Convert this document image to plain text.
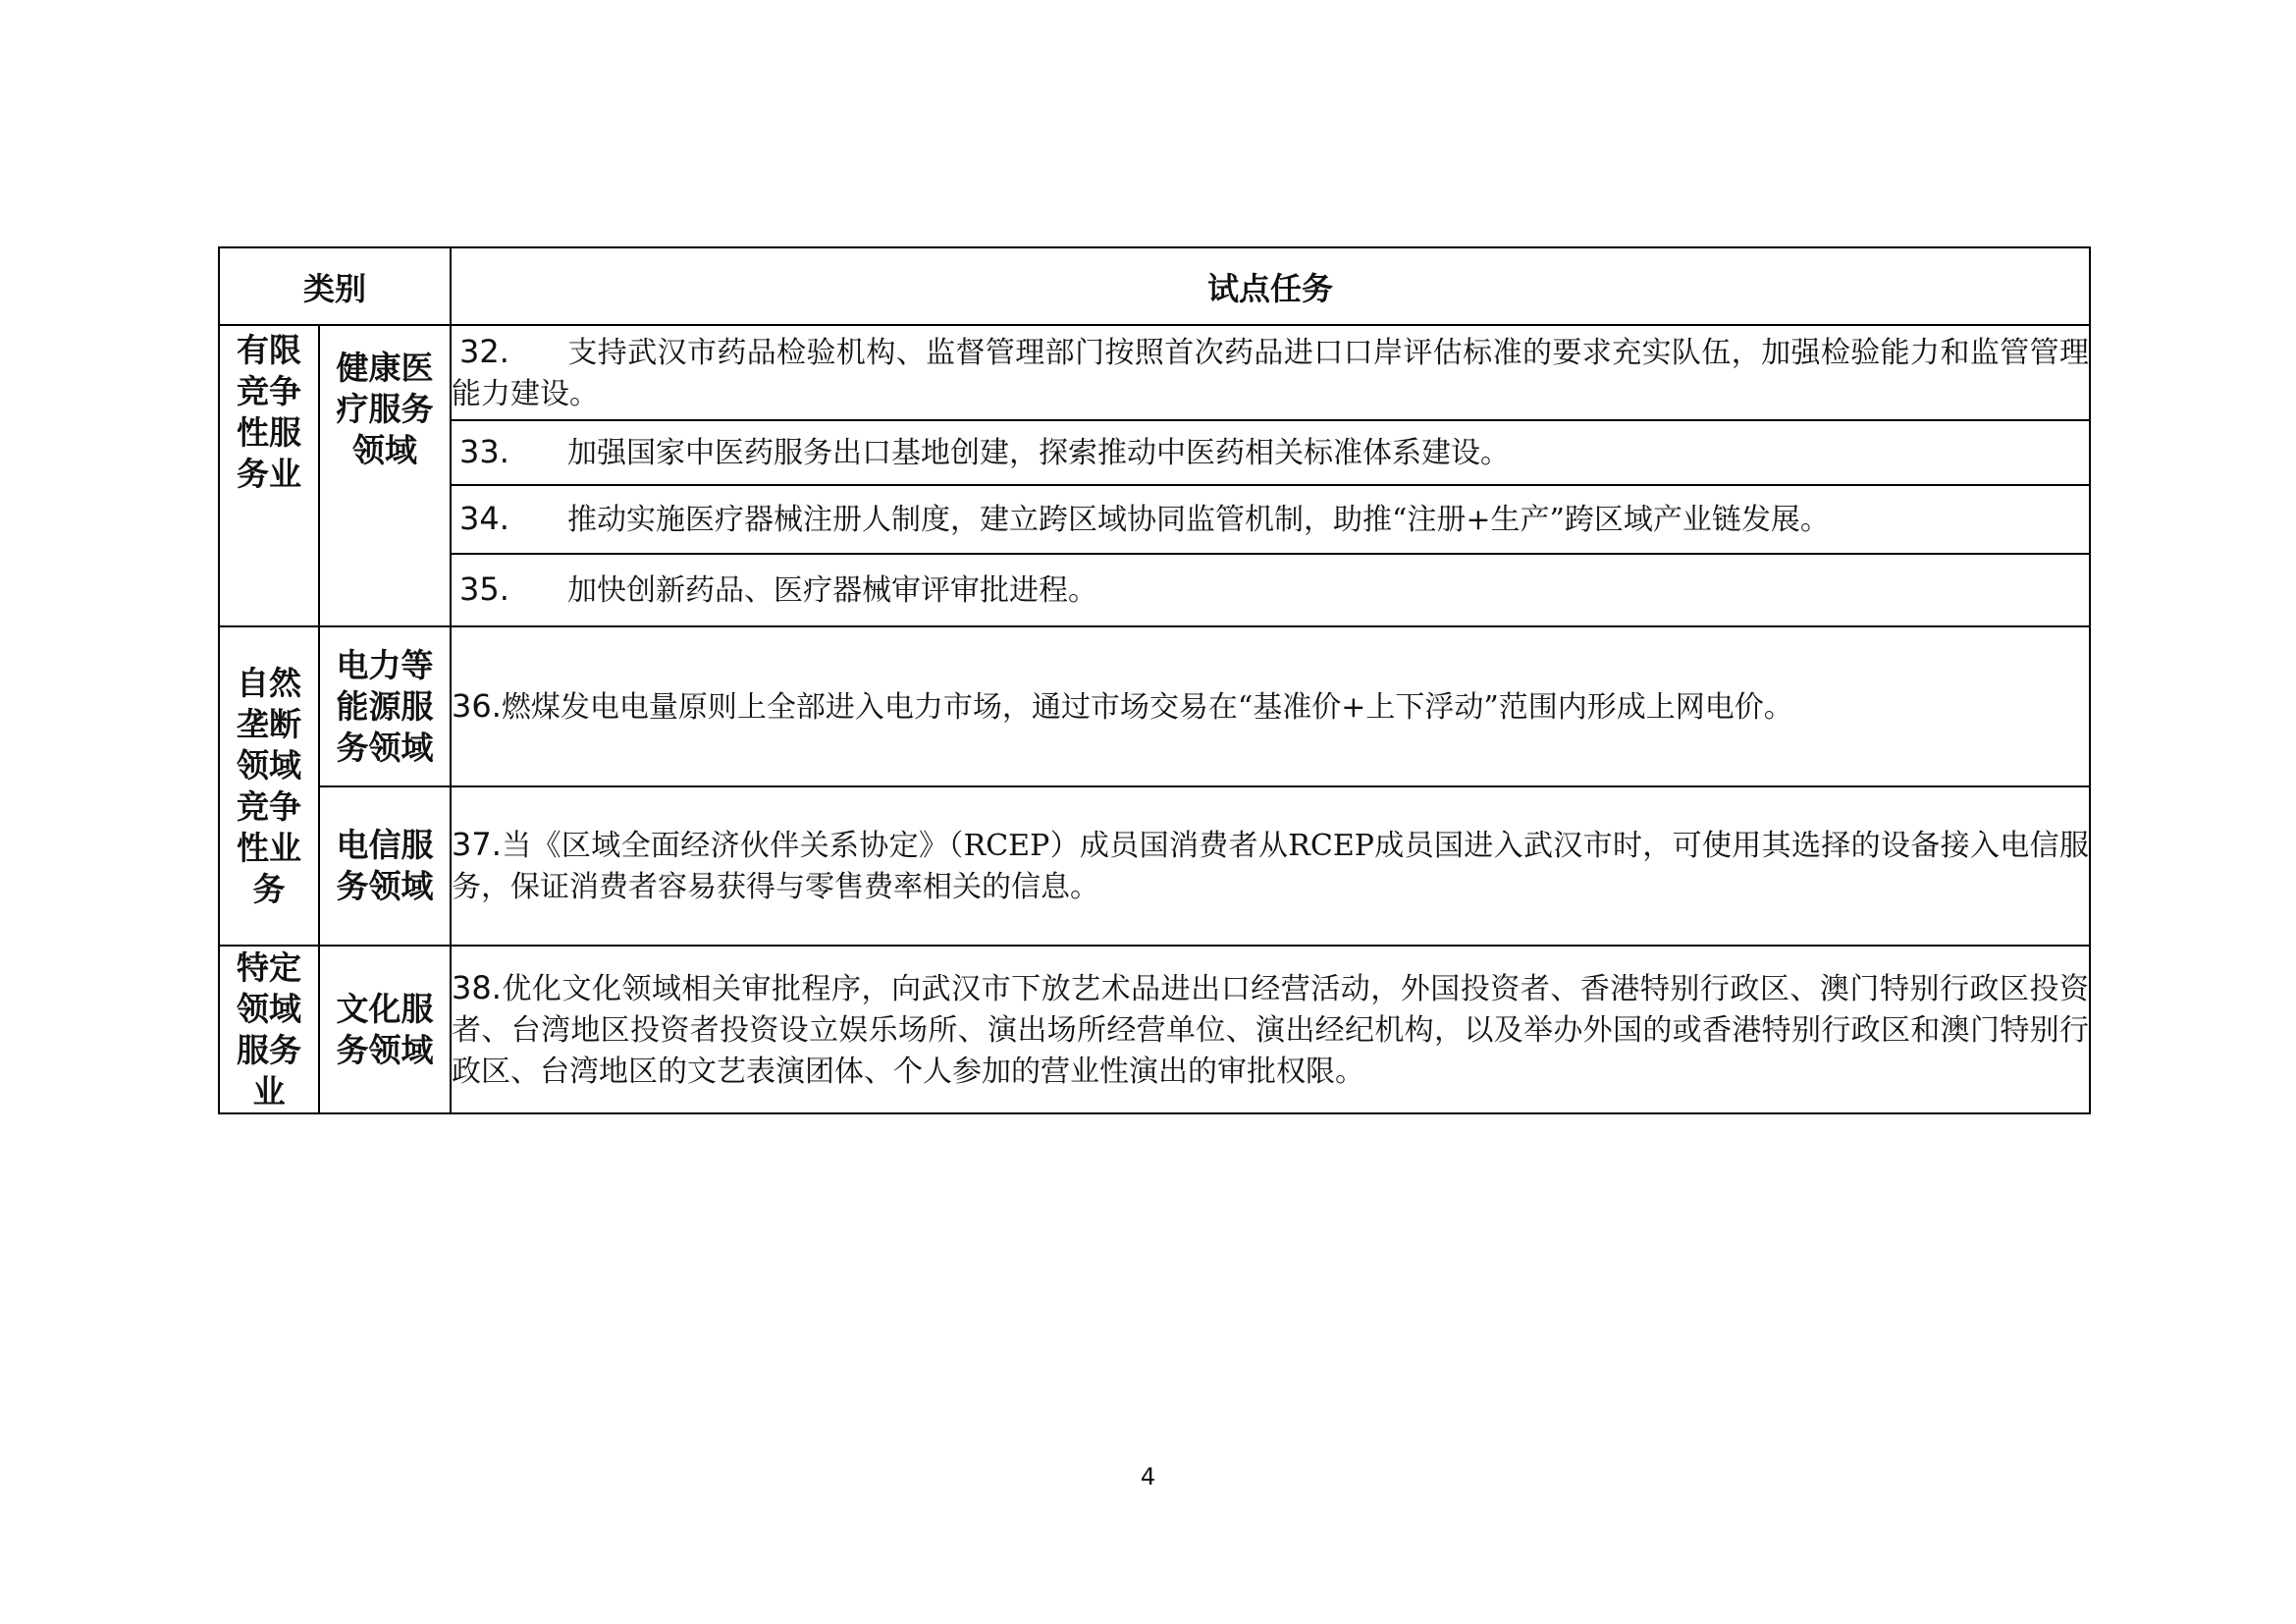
类别		试点任务

有限竞争性服务业	健康医疗服务领域	32. 支持武汉市药品检验机构、监督管理部门按照首次药品进口口岸评估标准的要求充实队伍，加强检验能力和监管管理能力建设。
		33. 加强国家中医药服务出口基地创建，探索推动中医药相关标准体系建设。
		34. 推动实施医疗器械注册人制度，建立跨区域协同监管机制，助推“注册+生产”跨区域产业链发展。
		35. 加快创新药品、医疗器械审评审批进程。

自然垄断领域竞争性业务	电力等能源服务领域	36.燃煤发电电量原则上全部进入电力市场，通过市场交易在“基准价+上下浮动”范围内形成上网电价。

	电信服务领域	37.当《区域全面经济伙伴关系协定》（RCEP）成员国消费者从RCEP成员国进入武汉市时，可使用其选择的设备接入电信服务，保证消费者容易获得与零售费率相关的信息。

特定领域服务业	文化服务领域	38.优化文化领域相关审批程序，向武汉市下放艺术品进出口经营活动，外国投资者、香港特别行政区、澳门特别行政区投资者、台湾地区投资者投资设立娱乐场所、演出场所经营单位、演出经纪机构，以及举办外国的或香港特别行政区和澳门特别行政区、台湾地区的文艺表演团体、个人参加的营业性演出的审批权限。
4
